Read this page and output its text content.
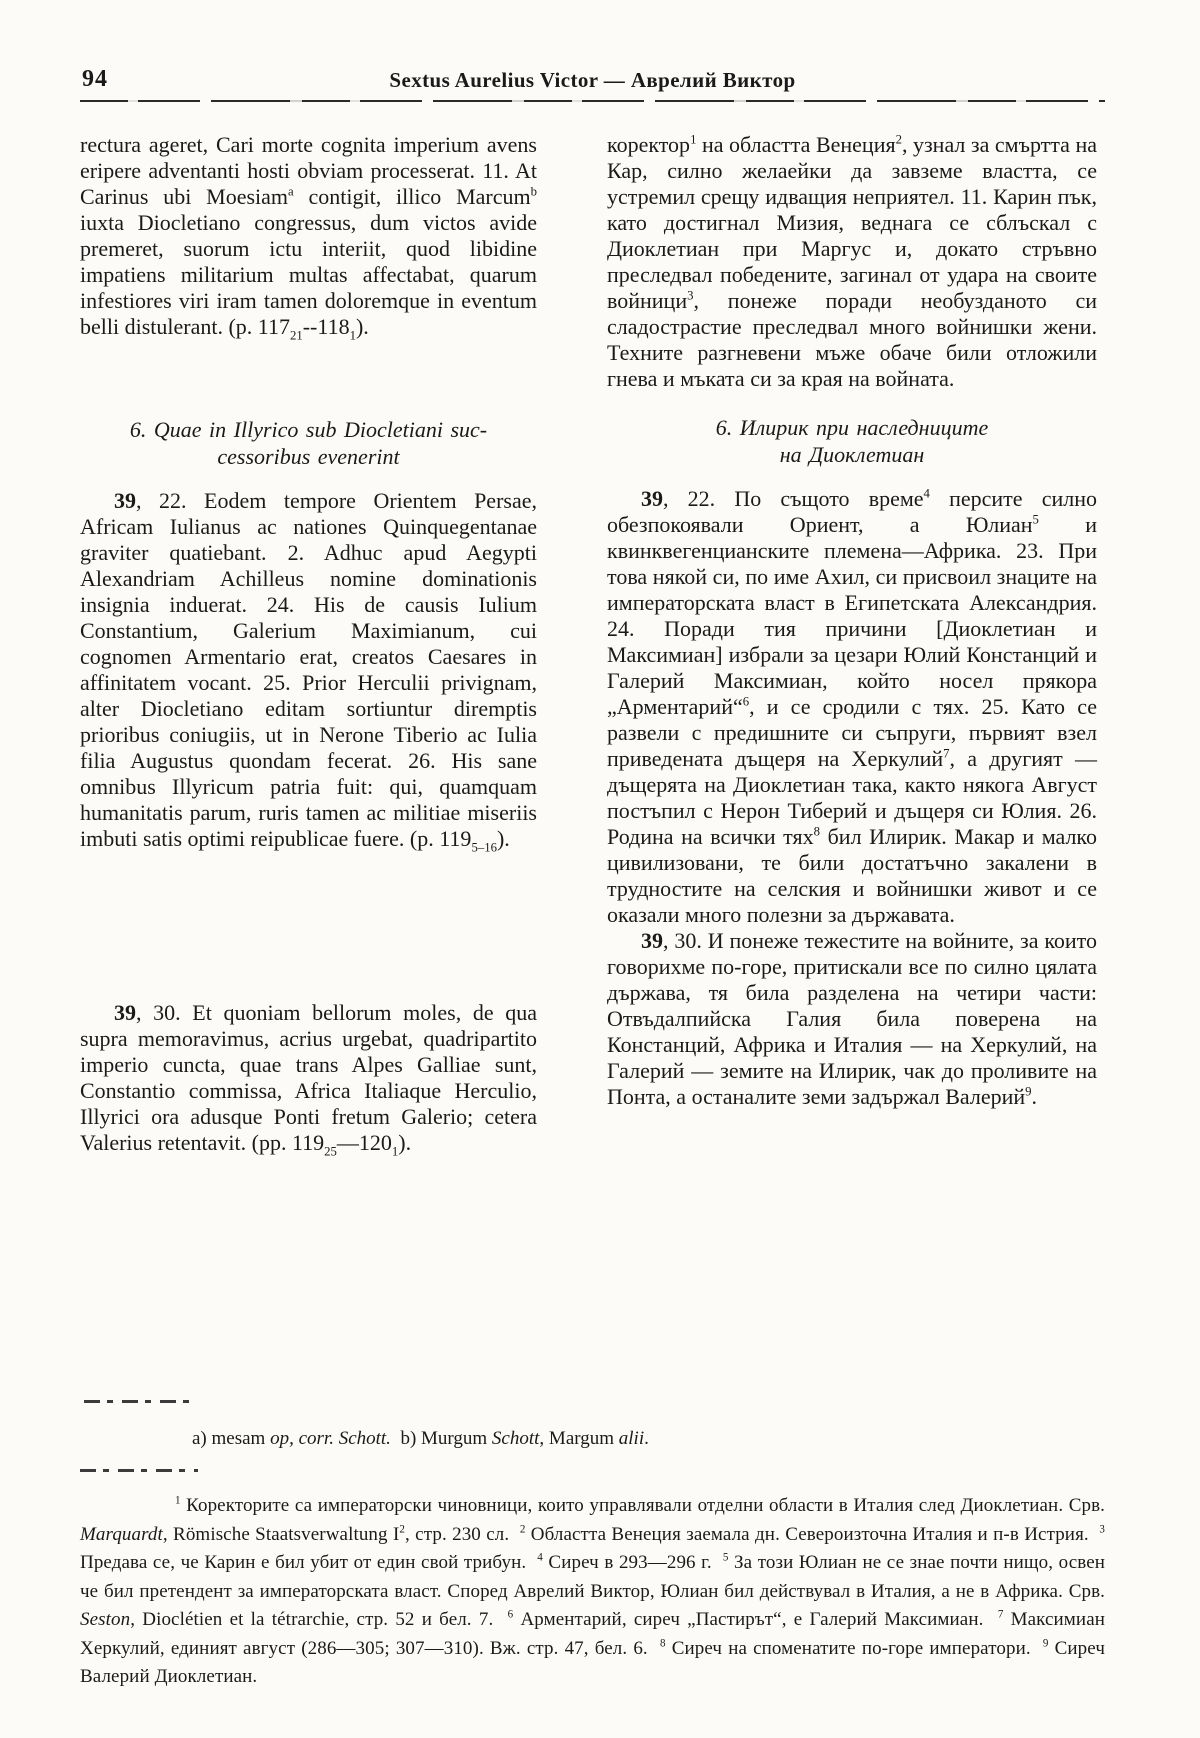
94	Sextus Aurelius Victor — Аврелий Виктор

rectura ageret, Cari morte cognita imperium avens eripere adventanti hosti obviam processerat. 11. At Carinus ubi Moesiam$^a$ contigit, illico Marcum$^b$ iuxta Diocletiano congressus, dum victos avide premeret, suorum ictu interiit, quod libidine impatiens militarium multas affectabat, quarum infestiores viri iram tamen doloremque in eventum belli distulerant. (p. $117_{21}--118_1$).

6. Quae in Illyrico sub Diocletiani suc-
cessoribus evenerint

39, 22. Eodem tempore Orientem Persae, Africam Iulianus ac nationes Quinquegentanae graviter quatiebant. 2. Adhuc apud Aegypti Alexandriam Achilleus nomine dominationis insignia induerat. 24. His de causis Iulium Constantium, Galerium Maximianum, cui cognomen Armentario erat, creatos Caesares in affinitatem vocant. 25. Prior Herculii privignam, alter Diocletiano editam sortiuntur diremptis prioribus coniugiis, ut in Nerone Tiberio ac Iulia filia Augustus quondam fecerat. 26. His sane omnibus Illyricum patria fuit: qui, quamquam humanitatis parum, ruris tamen ac militiae miseriis imbuti satis optimi reipublicae fuere. (p. $119_{5-16}$).

39, 30. Et quoniam bellorum moles, de qua supra memoravimus, acrius urgebat, quadripartito imperio cuncta, quae trans Alpes Galliae sunt, Constantio commissa, Africa Italiaque Herculio, Illyrici ora adusque Ponti fretum Galerio; cetera Valerius retentavit. (pp. $119_{25}—120_1$).

коректор$^1$ на областта Венеция$^2$, узнал за смъртта на Кар, силно желаейки да завземе властта, се устремил срещу идващия неприятел. 11. Карин пък, като достигнал Мизия, веднага се сблъскал с Диоклетиан при Маргус и, докато стръвно преследвал победените, загинал от удара на своите войници$^3$, понеже поради необузданото си сладострастие преследвал много войнишки жени. Техните разгневени мъже обаче били отложили гнева и мъката си за края на войната.

6. Илирик при наследниците
на Диоклетиан

39, 22. По същото време$^4$ персите силно обезпокоявали Ориент, а Юлиан$^5$ и квинквегенцианските племена—Африка. 23. При това някой си, по име Ахил, си присвоил знаците на императорската власт в Египетската Александрия. 24. Поради тия причини [Диоклетиан и Максимиан] избрали за цезари Юлий Констанций и Галерий Максимиан, който носел прякора „Арментарий“$^6$, и се сродили с тях. 25. Като се развели с предишните си съпруги, първият взел приведената дъщеря на Херкулий$^7$, а другият — дъщерята на Диоклетиан така, както някога Август постъпил с Нерон Тиберий и дъщеря си Юлия. 26. Родина на всички тях$^8$ бил Илирик. Макар и малко цивилизовани, те били достатъчно закалени в трудностите на селския и войнишки живот и се оказали много полезни за държавата.

39, 30. И понеже тежестите на войните, за които говорихме по-горе, притискали все по силно цялата държава, тя била разделена на четири части: Отвъдалпийска Галия била поверена на Констанций, Африка и Италия — на Херкулий, на Галерий — земите на Илирик, чак до проливите на Понта, а останалите земи задържал Валерий$^9$.

a) mesam op, corr. Schott.  b) Murgum Schott, Margum alii.

$^1$ Коректорите са императорски чиновници, които управлявали отделни области в Италия след Диоклетиан. Срв. Marquardt, Römische Staatsverwaltung $I^2$, стр. 230 сл.  $^2$ Областта Венеция заемала дн. Североизточна Италия и п-в Истрия.  $^3$ Предава се, че Карин е бил убит от един свой трибун.  $^4$ Сиреч в 293—296 г.  $^5$ За този Юлиан не се знае почти нищо, освен че бил претендент за императорската власт. Според Аврелий Виктор, Юлиан бил действувал в Италия, а не в Африка. Срв. Seston, Dioclétien et la tétrarchie, стр. 52 и бел. 7.  $^6$ Арментарий, сиреч „Пастирът“, е Галерий Максимиан.  $^7$ Максимиан Херкулий, единият август (286—305; 307—310). Вж. стр. 47, бел. 6.  $^8$ Сиреч на споменатите по-горе императори.  $^9$ Сиреч Валерий Диоклетиан.
